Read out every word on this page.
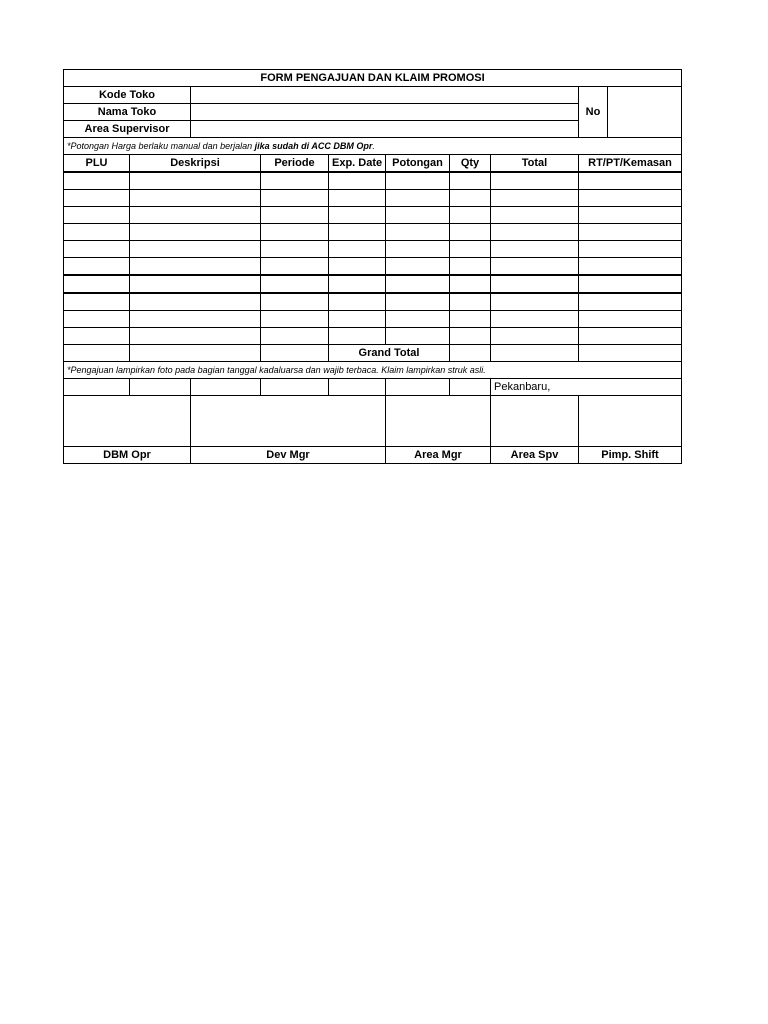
FORM PENGAJUAN DAN KLAIM PROMOSI									
Kode Toko								No	
Nama Toko									
Area Supervisor									
*Potongan Harga berlaku manual dan berjalan jika sudah di ACC DBM Opr.									
PLU	Deskripsi		Periode	Exp. Date	Potongan	Qty	Total	RT/PT/Kemasan	

				Grand Total					
*Pengajuan lampirkan foto pada bagian tanggal kadaluarsa dan wajib terbaca. Klaim lampirkan struk asli.									
							Pekanbaru,		

DBM Opr		Dev Mgr			Area Mgr		Area Spv	Pimp. Shift	
